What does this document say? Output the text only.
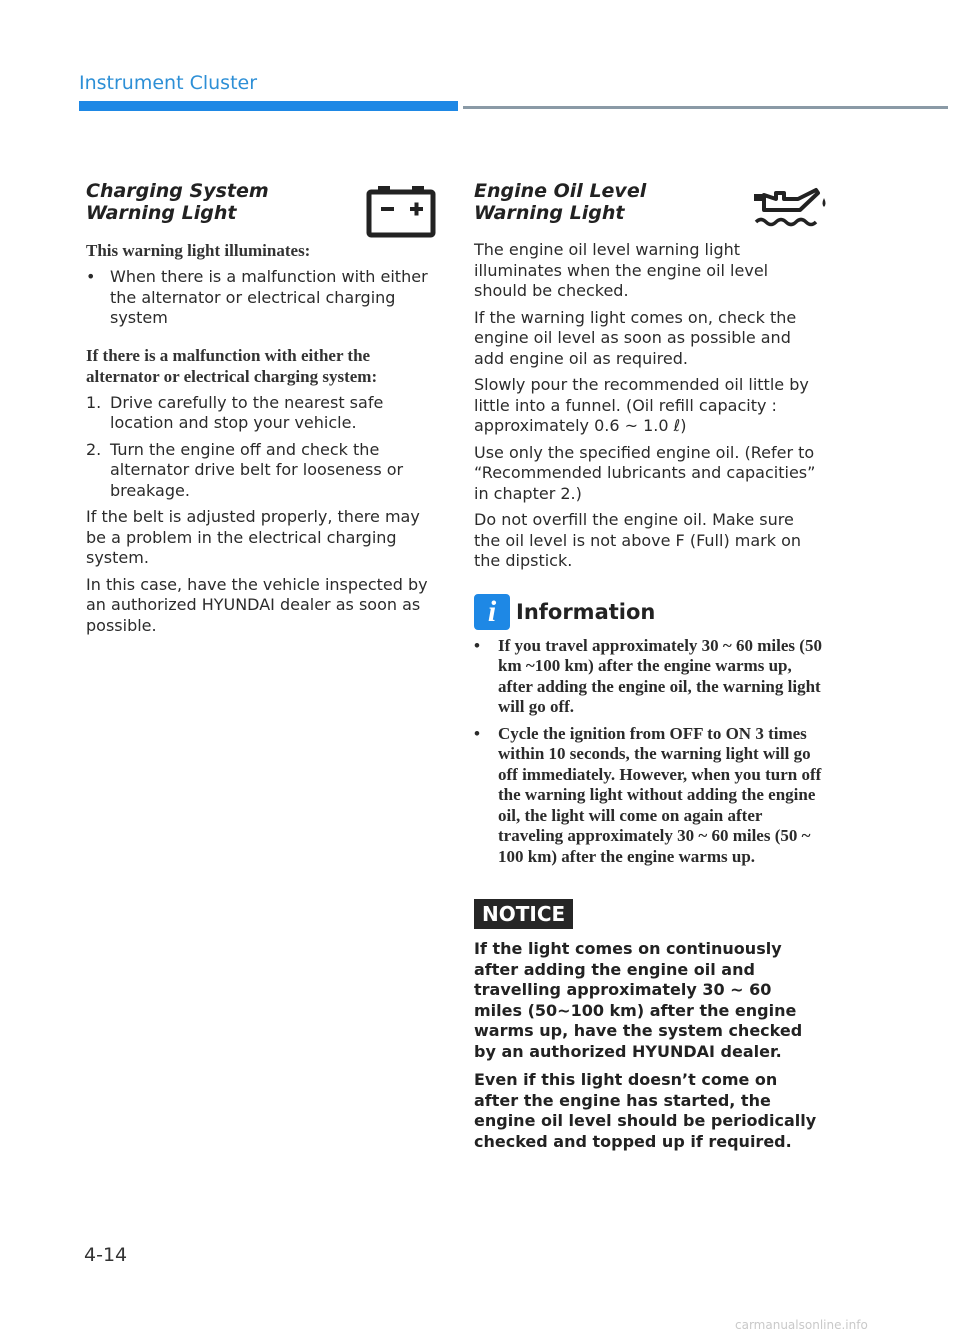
Instrument Cluster
Charging System Warning Light
This warning light illuminates:
• When there is a malfunction with either the alternator or electrical charging system
If there is a malfunction with either the alternator or electrical charging system:
1. Drive carefully to the nearest safe location and stop your vehicle.
2. Turn the engine off and check the alternator drive belt for looseness or breakage.

If the belt is adjusted properly, there may be a problem in the electrical charging system.

In this case, have the vehicle inspected by an authorized HYUNDAI dealer as soon as possible.

Engine Oil Level Warning Light

The engine oil level warning light illuminates when the engine oil level should be checked.

If the warning light comes on, check the engine oil level as soon as possible and add engine oil as required.

Slowly pour the recommended oil little by little into a funnel. (Oil refill capacity : approximately 0.6 ~ 1.0 ℓ)

Use only the specified engine oil. (Refer to “Recommended lubricants and capacities” in chapter 2.)

Do not overfill the engine oil. Make sure the oil level is not above F (Full) mark on the dipstick.

i Information
•	If you travel approximately 30 ~ 60 miles (50 km ~100 km) after the engine warms up, after adding the engine oil, the warning light will go off.
•	Cycle the ignition from OFF to ON 3 times within 10 seconds, the warning light will go off immediately. However, when you turn off the warning light without adding the engine oil, the light will come on again after traveling approximately 30 ~ 60 miles (50 ~ 100 km) after the engine warms up.
NOTICE

If the light comes on continuously after adding the engine oil and travelling approximately 30 ~ 60 miles (50~100 km) after the engine warms up, have the system checked by an authorized HYUNDAI dealer.

Even if this light doesn’t come on after the engine has started, the engine oil level should be periodically checked and topped up if required.

4-14
carmanualsonline.info
